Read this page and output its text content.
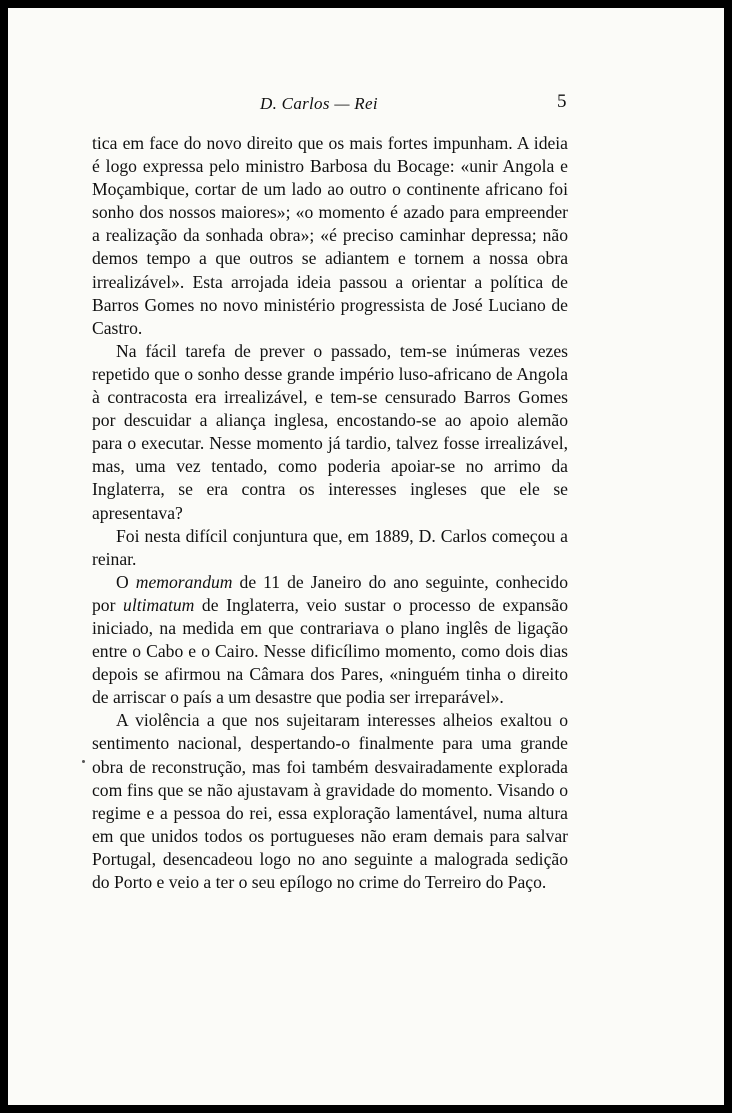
D. Carlos — Rei	5

tica em face do novo direito que os mais fortes impunham. A ideia é logo expressa pelo ministro Barbosa du Bocage: «unir Angola e Moçambique, cortar de um lado ao outro o continente africano foi sonho dos nossos maiores»; «o momento é azado para empreender a realização da sonhada obra»; «é preciso caminhar depressa; não demos tempo a que outros se adiantem e tornem a nossa obra irrealizável». Esta arrojada ideia passou a orientar a política de Barros Gomes no novo ministério progressista de José Luciano de Castro.

Na fácil tarefa de prever o passado, tem-se inúmeras vezes repetido que o sonho desse grande império luso-africano de Angola à contracosta era irrealizável, e tem-se censurado Barros Gomes por descuidar a aliança inglesa, encostando-se ao apoio alemão para o executar. Nesse momento já tardio, talvez fosse irrealizável, mas, uma vez tentado, como poderia apoiar-se no arrimo da Inglaterra, se era contra os interesses ingleses que ele se apresentava?

Foi nesta difícil conjuntura que, em 1889, D. Carlos começou a reinar.

O memorandum de 11 de Janeiro do ano seguinte, conhecido por ultimatum de Inglaterra, veio sustar o processo de expansão iniciado, na medida em que contrariava o plano inglês de ligação entre o Cabo e o Cairo. Nesse dificílimo momento, como dois dias depois se afirmou na Câmara dos Pares, «ninguém tinha o direito de arriscar o país a um desastre que podia ser irreparável».

A violência a que nos sujeitaram interesses alheios exaltou o sentimento nacional, despertando-o finalmente para uma grande obra de reconstrução, mas foi também desvairadamente explorada com fins que se não ajustavam à gravidade do momento. Visando o regime e a pessoa do rei, essa exploração lamentável, numa altura em que unidos todos os portugueses não eram demais para salvar Portugal, desencadeou logo no ano seguinte a malograda sedição do Porto e veio a ter o seu epílogo no crime do Terreiro do Paço.
